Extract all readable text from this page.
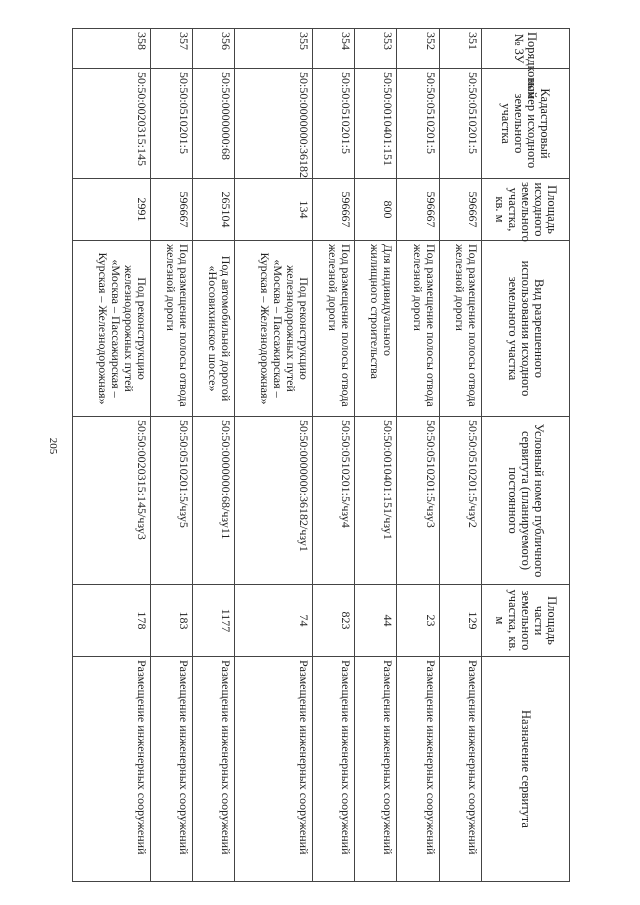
205
Порядковый № ЗУ	Кадастровый номер исходного земельного участка	Площадь исходного земельного участка, кв. м	Вид разрешенного использования исходного земельного участка	Условный номер публичного сервитута (планируемого) постоянного	Площадь части земельного участка, кв. м	Назначение сервитута
351	50:50:0510201:5	596667	Под размещение полосы отвода железной дороги	50:50:0510201:5/чзу2	129	Размещение инженерных сооружений
352	50:50:0510201:5	596667	Под размещение полосы отвода железной дороги	50:50:0510201:5/чзу3	23	Размещение инженерных сооружений
353	50:50:0010401:151	800	Для индивидуального жилищного строительства	50:50:0010401:151/чзу1	44	Размещение инженерных сооружений
354	50:50:0510201:5	596667	Под размещение полосы отвода железной дороги	50:50:0510201:5/чзу4	823	Размещение инженерных сооружений
355	50:50:0000000:36182	134	Под реконструкцию железнодорожных путей «Москва – Пассажирская – Курская – Железнодорожная»	50:50:0000000:36182/чзу1	74	Размещение инженерных сооружений
356	50:50:0000000:68	265104	Под автомобильной дорогой «Носовихинское шоссе»	50:50:0000000:68/чзу11	1177	Размещение инженерных сооружений
357	50:50:0510201:5	596667	Под размещение полосы отвода железной дороги	50:50:0510201:5/чзу5	183	Размещение инженерных сооружений
358	50:50:0020315:145	2991	Под реконструкцию железнодорожных путей «Москва – Пассажирская – Курская – Железнодорожная»	50:50:0020315:145/чзу3	178	Размещение инженерных сооружений
